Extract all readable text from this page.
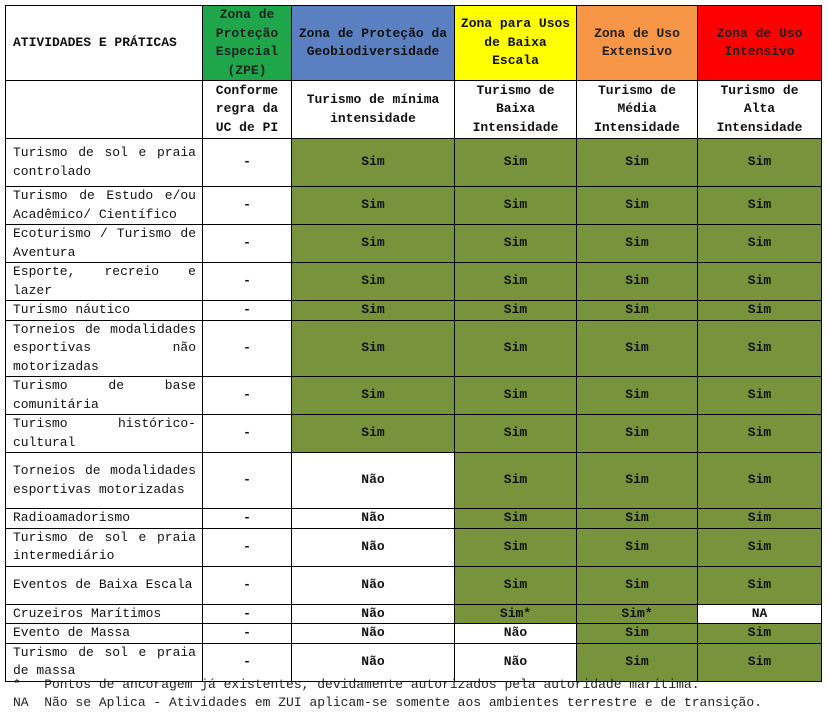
ATIVIDADES E PRÁTICAS	Zona de Proteção Especial (ZPE)	Zona de Proteção da Geobiodiversidade	Zona para Usos de Baixa Escala	Zona de Uso Extensivo	Zona de Uso Intensivo
	Conforme regra da UC de PI	Turismo de mínima intensidade	Turismo de Baixa Intensidade	Turismo de Média Intensidade	Turismo de Alta Intensidade
Turismo de sol e praia controlado	-	Sim	Sim	Sim	Sim
Turismo de Estudo e/ou Acadêmico/ Científico	-	Sim	Sim	Sim	Sim
Ecoturismo / Turismo de Aventura	-	Sim	Sim	Sim	Sim
Esporte, recreio e lazer	-	Sim	Sim	Sim	Sim
Turismo náutico	-	Sim	Sim	Sim	Sim
Torneios de modalidades esportivas não motorizadas	-	Sim	Sim	Sim	Sim
Turismo de base comunitária	-	Sim	Sim	Sim	Sim
Turismo histórico-cultural	-	Sim	Sim	Sim	Sim
Torneios de modalidades esportivas motorizadas	-	Não	Sim	Sim	Sim
Radioamadorismo	-	Não	Sim	Sim	Sim
Turismo de sol e praia intermediário	-	Não	Sim	Sim	Sim
Eventos de Baixa Escala	-	Não	Sim	Sim	Sim
Cruzeiros Marítimos	-	Não	Sim*	Sim*	NA
Evento de Massa	-	Não	Não	Sim	Sim
Turismo de sol e praia de massa	-	Não	Não	Sim	Sim
*   Pontos de ancoragem já existentes, devidamente autorizados pela autoridade marítima.
NA  Não se Aplica - Atividades em ZUI aplicam-se somente aos ambientes terrestre e de transição.
